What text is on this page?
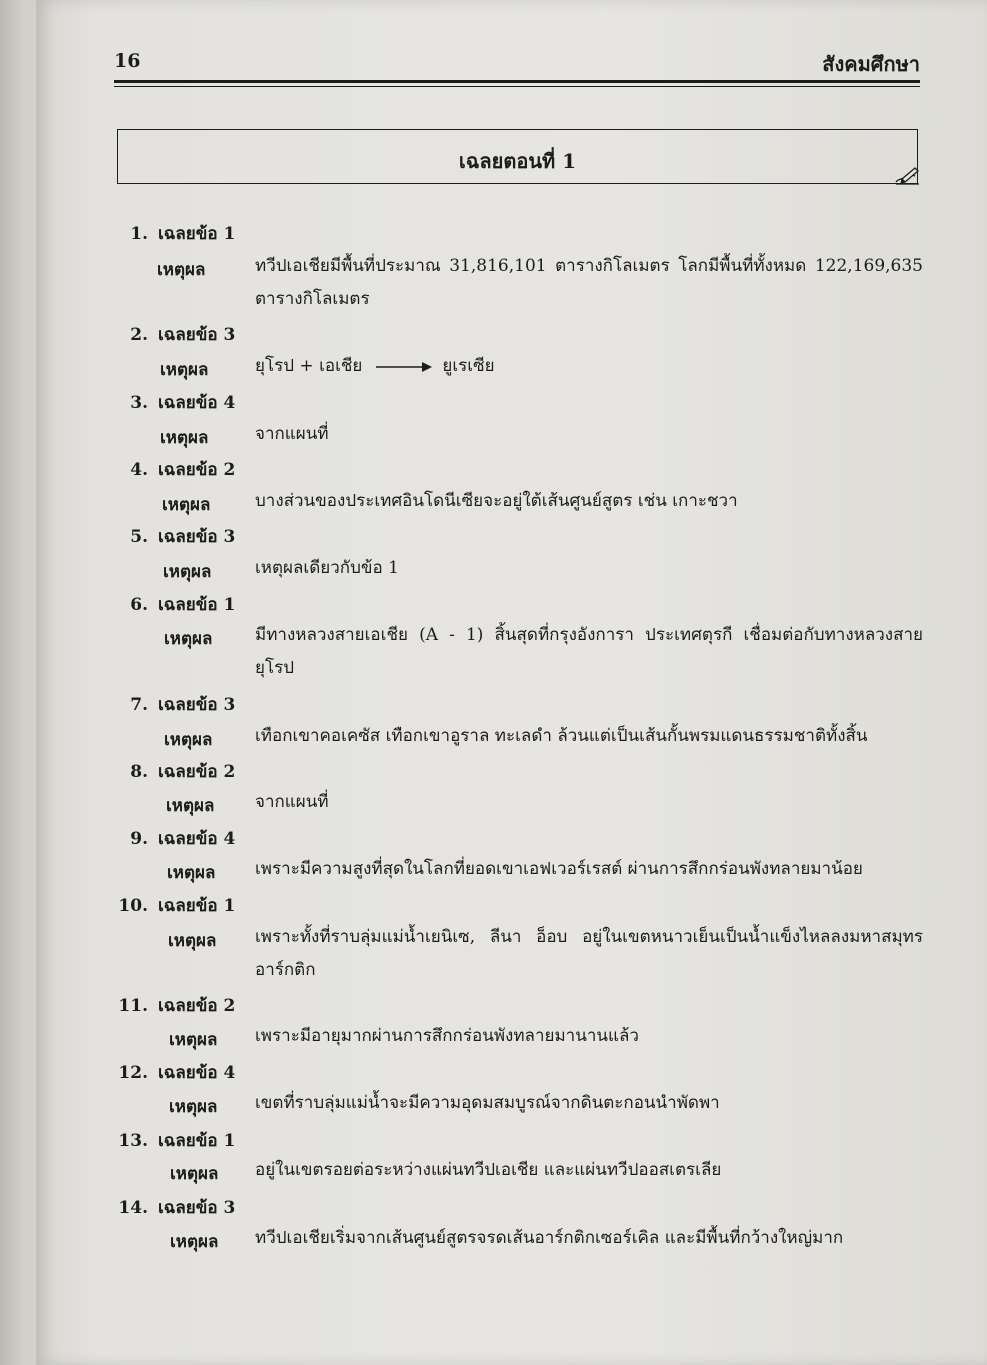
16	สังคมศึกษา
เฉลยตอนที่ 1
1. เฉลยข้อ 1
เหตุผล	ทวีปเอเชียมีพื้นที่ประมาณ 31,816,101 ตารางกิโลเมตร โลกมีพื้นที่ทั้งหมด 122,169,635 ตารางกิโลเมตร
2. เฉลยข้อ 3
เหตุผล	ยุโรป + เอเชีย	ยูเรเซีย
3. เฉลยข้อ 4
เหตุผล	จากแผนที่
4. เฉลยข้อ 2
เหตุผล	บางส่วนของประเทศอินโดนีเซียจะอยู่ใต้เส้นศูนย์สูตร เช่น เกาะชวา
5. เฉลยข้อ 3
เหตุผล	เหตุผลเดียวกับข้อ 1
6. เฉลยข้อ 1
เหตุผล	มีทางหลวงสายเอเชีย (A - 1) สิ้นสุดที่กรุงอังการา ประเทศตุรกี เชื่อมต่อกับทางหลวงสายยุโรป
7. เฉลยข้อ 3
เหตุผล	เทือกเขาคอเคซัส เทือกเขาอูราล ทะเลดำ ล้วนแต่เป็นเส้นกั้นพรมแดนธรรมชาติทั้งสิ้น
8. เฉลยข้อ 2
เหตุผล จากแผนที่
9. เฉลยข้อ 4
เหตุผล เพราะมีความสูงที่สุดในโลกที่ยอดเขาเอฟเวอร์เรสต์ ผ่านการสึกกร่อนพังทลายมาน้อย
10. เฉลยข้อ 1
เหตุผล เพราะทั้งที่ราบลุ่มแม่น้ำเยนิเซ, ลีนา อ็อบ อยู่ในเขตหนาวเย็นเป็นน้ำแข็งไหลลงมหาสมุทรอาร์กติก
11. เฉลยข้อ 2
เหตุผล เพราะมีอายุมากผ่านการสึกกร่อนพังทลายมานานแล้ว
12. เฉลยข้อ 4
เหตุผล เขตที่ราบลุ่มแม่น้ำจะมีความอุดมสมบูรณ์จากดินตะกอนนำพัดพา
13. เฉลยข้อ 1
เหตุผล อยู่ในเขตรอยต่อระหว่างแผ่นทวีปเอเชีย และแผ่นทวีปออสเตรเลีย
14. เฉลยข้อ 3
เหตุผล ทวีปเอเชียเริ่มจากเส้นศูนย์สูตรจรดเส้นอาร์กติกเซอร์เคิล และมีพื้นที่กว้างใหญ่มาก
